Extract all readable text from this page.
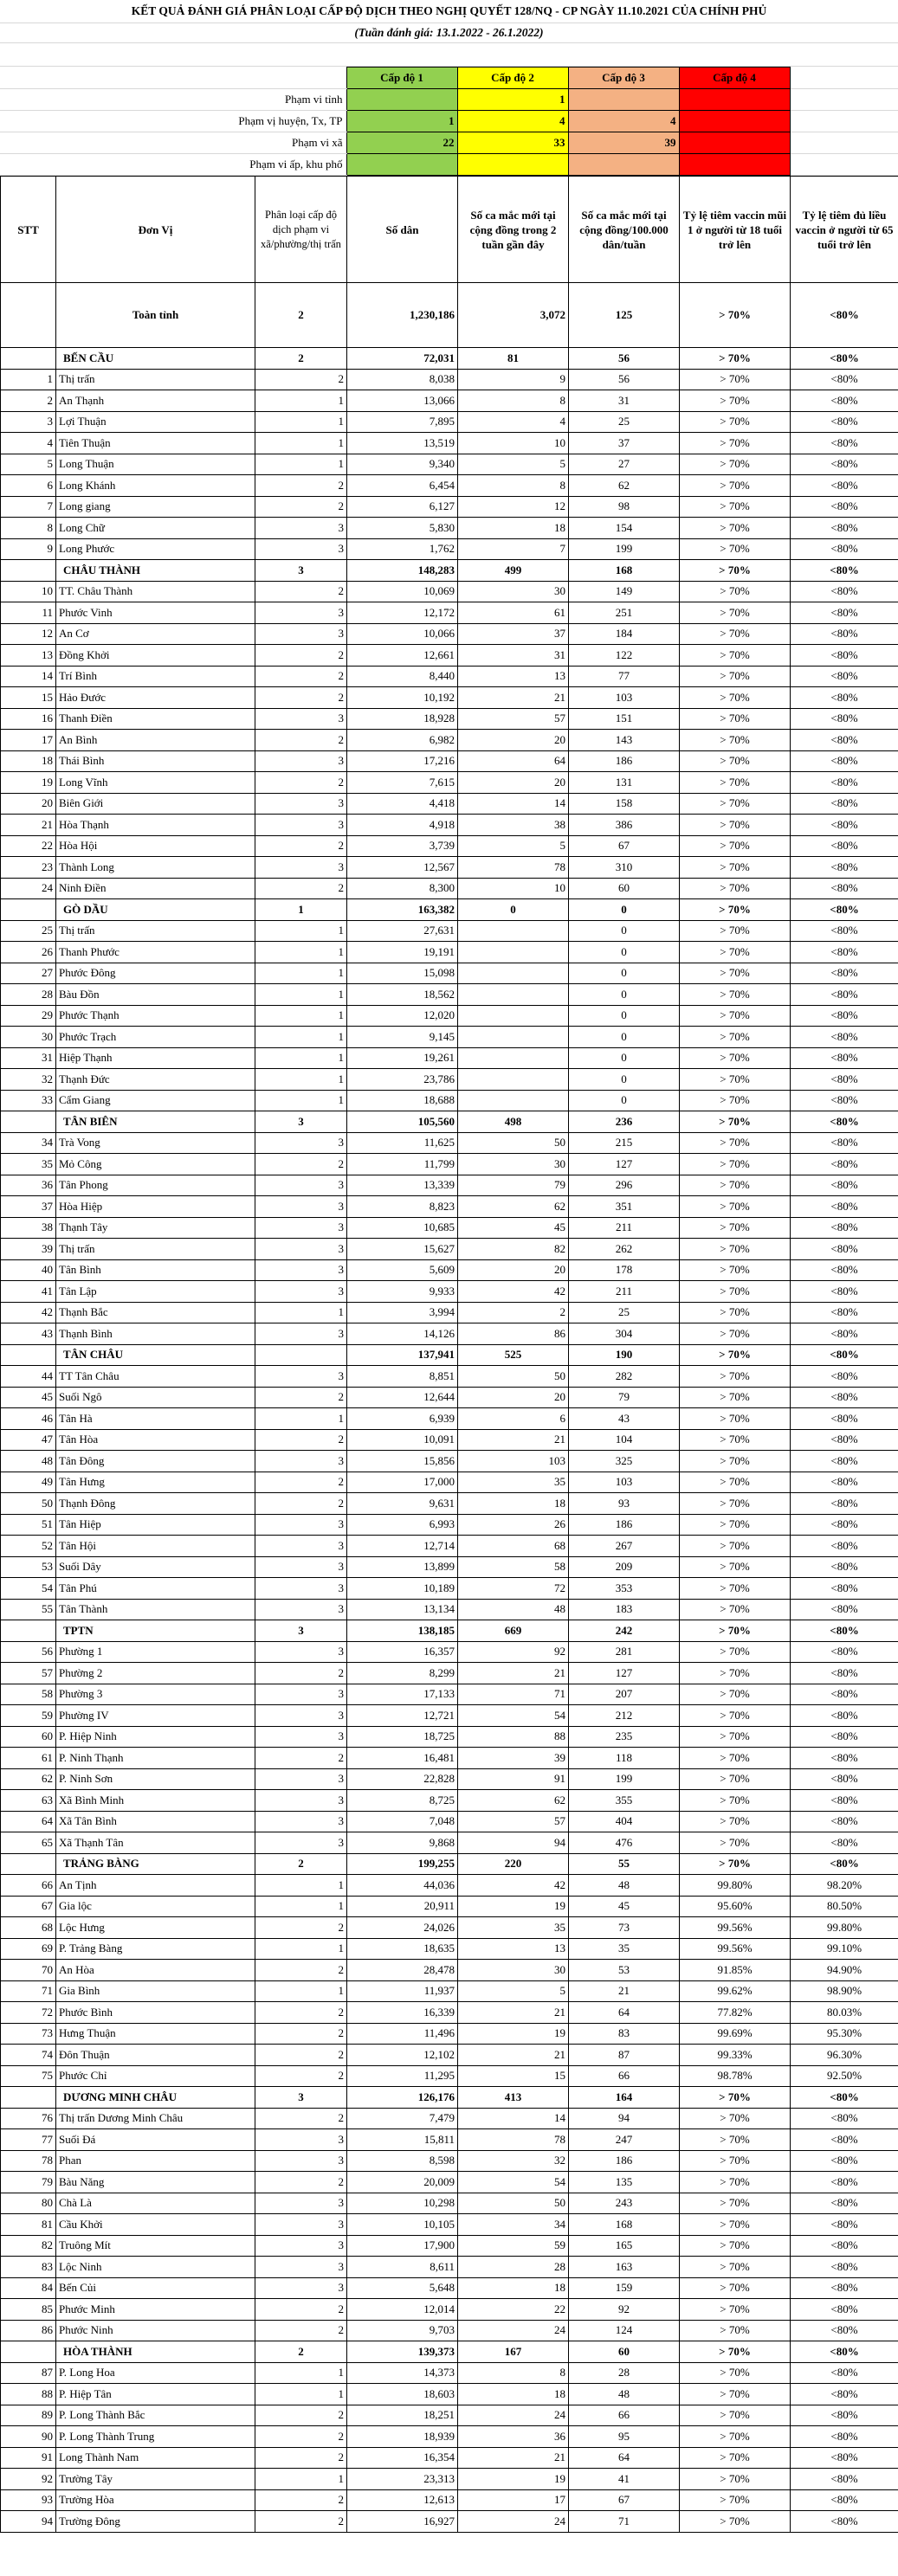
KẾT QUẢ ĐÁNH GIÁ PHÂN LOẠI CẤP ĐỘ DỊCH THEO NGHỊ QUYẾT 128/NQ - CP NGÀY 11.10.2021 CỦA CHÍNH PHỦ
(Tuần đánh giá: 13.1.2022 - 26.1.2022)
	Cấp độ 1	Cấp độ 2	Cấp độ 3	Cấp độ 4	
Phạm vi tỉnh		1			
Phạm vị huyện, Tx, TP	1	4	4		
Phạm vi xã	22	33	39		
Phạm vi ấp, khu phố					
STT	Đơn Vị	Phân loại cấp độ dịch phạm vi xã/phường/thị trấn	Số dân	Số ca mắc mới tại cộng đồng trong 2 tuần gần đây	Số ca mắc mới tại cộng đồng/100.000 dân/tuần	Tỷ lệ tiêm vaccin mũi 1 ở người từ 18 tuổi trở lên	Tỷ lệ tiêm đủ liều vaccin ở người từ 65 tuổi trở lên
	Toàn tỉnh	2	1,230,186	3,072	125	> 70%	<80%
	BẾN CẦU	2	72,031	81	56	> 70%	<80%
1	Thị trấn	2	8,038	9	56	> 70%	<80%
2	An Thạnh	1	13,066	8	31	> 70%	<80%
3	Lợi Thuận	1	7,895	4	25	> 70%	<80%
4	Tiên Thuận	1	13,519	10	37	> 70%	<80%
5	Long Thuận	1	9,340	5	27	> 70%	<80%
6	Long Khánh	2	6,454	8	62	> 70%	<80%
7	Long giang	2	6,127	12	98	> 70%	<80%
8	Long Chữ	3	5,830	18	154	> 70%	<80%
9	Long Phước	3	1,762	7	199	> 70%	<80%
	CHÂU THÀNH	3	148,283	499	168	> 70%	<80%
10	TT. Châu Thành	2	10,069	30	149	> 70%	<80%
11	Phước Vinh	3	12,172	61	251	> 70%	<80%
12	An Cơ	3	10,066	37	184	> 70%	<80%
13	Đồng Khởi	2	12,661	31	122	> 70%	<80%
14	Trí Bình	2	8,440	13	77	> 70%	<80%
15	Hảo Đước	2	10,192	21	103	> 70%	<80%
16	Thanh Điền	3	18,928	57	151	> 70%	<80%
17	An Bình	2	6,982	20	143	> 70%	<80%
18	Thái Bình	3	17,216	64	186	> 70%	<80%
19	Long Vĩnh	2	7,615	20	131	> 70%	<80%
20	Biên Giới	3	4,418	14	158	> 70%	<80%
21	Hòa Thạnh	3	4,918	38	386	> 70%	<80%
22	Hòa Hội	2	3,739	5	67	> 70%	<80%
23	Thành Long	3	12,567	78	310	> 70%	<80%
24	Ninh Điền	2	8,300	10	60	> 70%	<80%
	GÒ DẦU	1	163,382	0	0	> 70%	<80%
25	Thị trấn	1	27,631		0	> 70%	<80%
26	Thanh Phước	1	19,191		0	> 70%	<80%
27	Phước Đông	1	15,098		0	> 70%	<80%
28	Bàu Đồn	1	18,562		0	> 70%	<80%
29	Phước Thạnh	1	12,020		0	> 70%	<80%
30	Phước Trạch	1	9,145		0	> 70%	<80%
31	Hiệp Thạnh	1	19,261		0	> 70%	<80%
32	Thạnh Đức	1	23,786		0	> 70%	<80%
33	Cẩm Giang	1	18,688		0	> 70%	<80%
	TÂN BIÊN	3	105,560	498	236	> 70%	<80%
34	Trà Vong	3	11,625	50	215	> 70%	<80%
35	Mỏ Công	2	11,799	30	127	> 70%	<80%
36	Tân Phong	3	13,339	79	296	> 70%	<80%
37	Hòa Hiệp	3	8,823	62	351	> 70%	<80%
38	Thạnh Tây	3	10,685	45	211	> 70%	<80%
39	Thị trấn	3	15,627	82	262	> 70%	<80%
40	Tân Bình	3	5,609	20	178	> 70%	<80%
41	Tân Lập	3	9,933	42	211	> 70%	<80%
42	Thạnh Bắc	1	3,994	2	25	> 70%	<80%
43	Thạnh Bình	3	14,126	86	304	> 70%	<80%
	TÂN CHÂU		137,941	525	190	> 70%	<80%
44	TT Tân Châu	3	8,851	50	282	> 70%	<80%
45	Suối Ngô	2	12,644	20	79	> 70%	<80%
46	Tân Hà	1	6,939	6	43	> 70%	<80%
47	Tân Hòa	2	10,091	21	104	> 70%	<80%
48	Tân Đông	3	15,856	103	325	> 70%	<80%
49	Tân Hưng	2	17,000	35	103	> 70%	<80%
50	Thạnh Đông	2	9,631	18	93	> 70%	<80%
51	Tân Hiệp	3	6,993	26	186	> 70%	<80%
52	Tân Hội	3	12,714	68	267	> 70%	<80%
53	Suối Dây	3	13,899	58	209	> 70%	<80%
54	Tân Phú	3	10,189	72	353	> 70%	<80%
55	Tân Thành	3	13,134	48	183	> 70%	<80%
	TPTN	3	138,185	669	242	> 70%	<80%
56	Phường 1	3	16,357	92	281	> 70%	<80%
57	Phường 2	2	8,299	21	127	> 70%	<80%
58	Phường 3	3	17,133	71	207	> 70%	<80%
59	Phường IV	3	12,721	54	212	> 70%	<80%
60	P. Hiệp Ninh	3	18,725	88	235	> 70%	<80%
61	P. Ninh Thạnh	2	16,481	39	118	> 70%	<80%
62	P. Ninh Sơn	3	22,828	91	199	> 70%	<80%
63	Xã Bình Minh	3	8,725	62	355	> 70%	<80%
64	Xã Tân Bình	3	7,048	57	404	> 70%	<80%
65	Xã Thạnh Tân	3	9,868	94	476	> 70%	<80%
	TRẢNG BÀNG	2	199,255	220	55	> 70%	<80%
66	An Tịnh	1	44,036	42	48	99.80%	98.20%
67	Gia lộc	1	20,911	19	45	95.60%	80.50%
68	Lộc Hưng	2	24,026	35	73	99.56%	99.80%
69	P. Trảng Bàng	1	18,635	13	35	99.56%	99.10%
70	An Hòa	2	28,478	30	53	91.85%	94.90%
71	Gia Bình	1	11,937	5	21	99.62%	98.90%
72	Phước Bình	2	16,339	21	64	77.82%	80.03%
73	Hưng Thuận	2	11,496	19	83	99.69%	95.30%
74	Đôn Thuận	2	12,102	21	87	99.33%	96.30%
75	Phước Chỉ	2	11,295	15	66	98.78%	92.50%
	DƯƠNG MINH CHÂU	3	126,176	413	164	> 70%	<80%
76	Thị trấn Dương Minh Châu	2	7,479	14	94	> 70%	<80%
77	Suối Đá	3	15,811	78	247	> 70%	<80%
78	Phan	3	8,598	32	186	> 70%	<80%
79	Bàu Năng	2	20,009	54	135	> 70%	<80%
80	Chà Là	3	10,298	50	243	> 70%	<80%
81	Cầu Khởi	3	10,105	34	168	> 70%	<80%
82	Truông Mít	3	17,900	59	165	> 70%	<80%
83	Lộc Ninh	3	8,611	28	163	> 70%	<80%
84	Bến Củi	3	5,648	18	159	> 70%	<80%
85	Phước Minh	2	12,014	22	92	> 70%	<80%
86	Phước Ninh	2	9,703	24	124	> 70%	<80%
	HÒA THÀNH	2	139,373	167	60	> 70%	<80%
87	P. Long Hoa	1	14,373	8	28	> 70%	<80%
88	P. Hiệp Tân	1	18,603	18	48	> 70%	<80%
89	P. Long Thành Bắc	2	18,251	24	66	> 70%	<80%
90	P. Long Thành Trung	2	18,939	36	95	> 70%	<80%
91	Long Thành Nam	2	16,354	21	64	> 70%	<80%
92	Trường Tây	1	23,313	19	41	> 70%	<80%
93	Trường Hòa	2	12,613	17	67	> 70%	<80%
94	Trường Đông	2	16,927	24	71	> 70%	<80%
